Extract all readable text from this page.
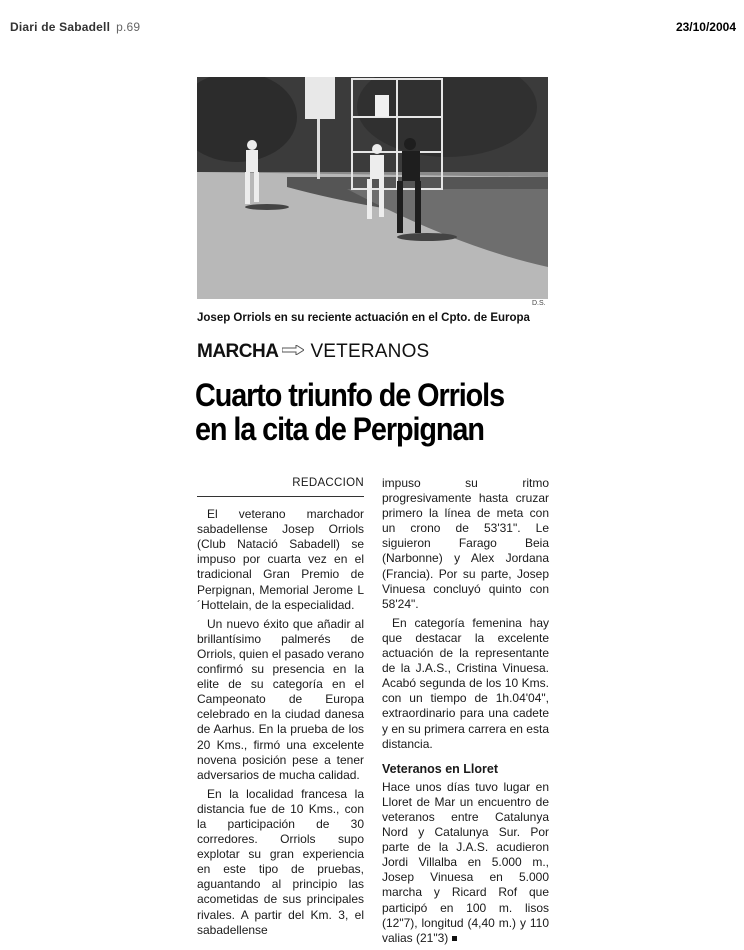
Diari de Sabadell p.69	23/10/2004
D.S.
Josep Orriols en su reciente actuación en el Cpto. de Europa
MARCHA VETERANOS
Cuarto triunfo de Orriols
en la cita de Perpignan
REDACCION

El veterano marchador sabadellense Josep Orriols (Club Natació Sabadell) se impuso por cuarta vez en el tradicional Gran Premio de Perpignan, Memorial Jerome L´Hottelain, de la especialidad.

Un nuevo éxito que añadir al brillantísimo palmerés de Orriols, quien el pasado verano confirmó su presencia en la elite de su categoría en el Campeonato de Europa celebrado en la ciudad danesa de Aarhus. En la prueba de los 20 Kms., firmó una excelente novena posición pese a tener adversarios de mucha calidad.

En la localidad francesa la distancia fue de 10 Kms., con la participación de 30 corredores. Orriols supo explotar su gran experiencia en este tipo de pruebas, aguantando al principio las acometidas de sus principales rivales. A partir del Km. 3, el sabadellense

impuso su ritmo progresivamente hasta cruzar primero la línea de meta con un crono de 53'31". Le siguieron Farago Beia (Narbonne) y Alex Jordana (Francia). Por su parte, Josep Vinuesa concluyó quinto con 58'24".

En categoría femenina hay que destacar la excelente actuación de la representante de la J.A.S., Cristina Vinuesa. Acabó segunda de los 10 Kms. con un tiempo de 1h.04'04", extraordinario para una cadete y en su primera carrera en esta distancia.

Veteranos en Lloret

Hace unos días tuvo lugar en Lloret de Mar un encuentro de veteranos entre Catalunya Nord y Catalunya Sur. Por parte de la J.A.S. acudieron Jordi Villalba en 5.000 m., Josep Vinuesa en 5.000 marcha y Ricard Rof que participó en 100 m. lisos (12"7), longitud (4,40 m.) y 110 valias (21"3)
